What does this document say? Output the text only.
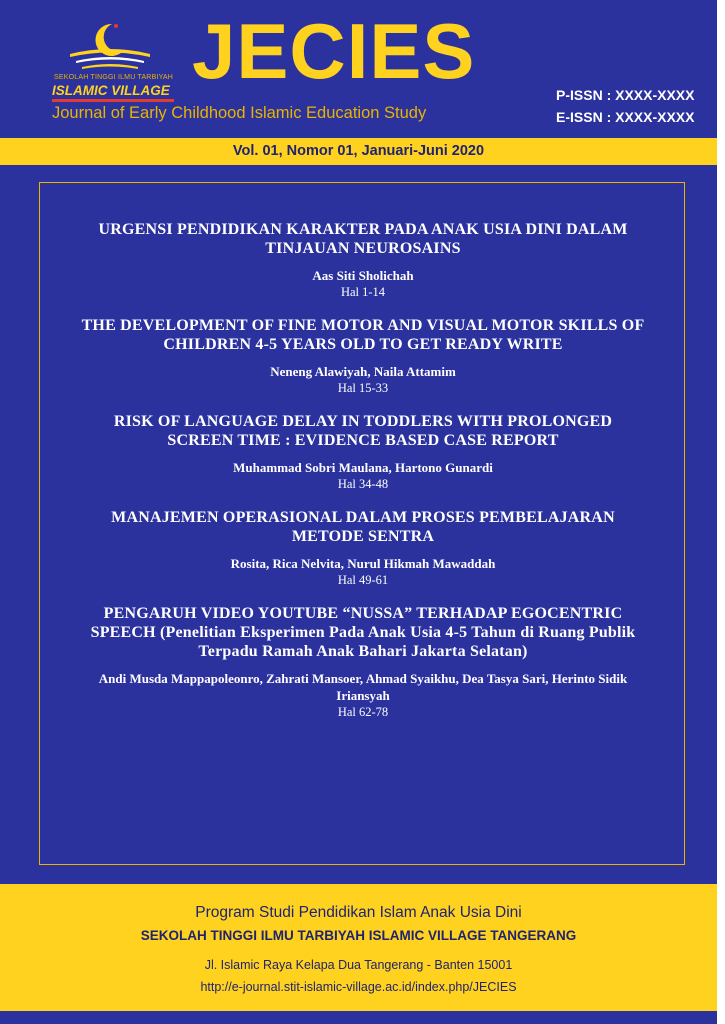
SEKOLAH TINGGI ILMU TARBIYAH
ISLAMIC VILLAGE JECIES
Journal of Early Childhood Islamic Education Study
P-ISSN : XXXX-XXXX
E-ISSN : XXXX-XXXX
Vol. 01, Nomor 01, Januari-Juni 2020
URGENSI PENDIDIKAN KARAKTER PADA ANAK USIA DINI DALAM TINJAUAN NEUROSAINS
Aas Siti Sholichah
Hal 1-14
THE DEVELOPMENT OF FINE MOTOR AND VISUAL MOTOR SKILLS OF CHILDREN 4-5 YEARS OLD TO GET READY WRITE
Neneng Alawiyah, Naila Attamim
Hal 15-33
RISK OF LANGUAGE DELAY IN TODDLERS WITH PROLONGED SCREEN TIME : EVIDENCE BASED CASE REPORT
Muhammad Sobri Maulana, Hartono Gunardi
Hal 34-48
MANAJEMEN OPERASIONAL DALAM PROSES PEMBELAJARAN METODE SENTRA
Rosita, Rica Nelvita, Nurul Hikmah Mawaddah
Hal 49-61
PENGARUH VIDEO YOUTUBE “NUSSA” TERHADAP EGOCENTRIC SPEECH (Penelitian Eksperimen Pada Anak Usia 4-5 Tahun di Ruang Publik Terpadu Ramah Anak Bahari Jakarta Selatan)
Andi Musda Mappapoleonro, Zahrati Mansoer, Ahmad Syaikhu, Dea Tasya Sari, Herinto Sidik Iriansyah
Hal 62-78
Program Studi Pendidikan Islam Anak Usia Dini
SEKOLAH TINGGI ILMU TARBIYAH ISLAMIC VILLAGE TANGERANG
Jl. Islamic Raya Kelapa Dua Tangerang - Banten 15001
http://e-journal.stit-islamic-village.ac.id/index.php/JECIES
